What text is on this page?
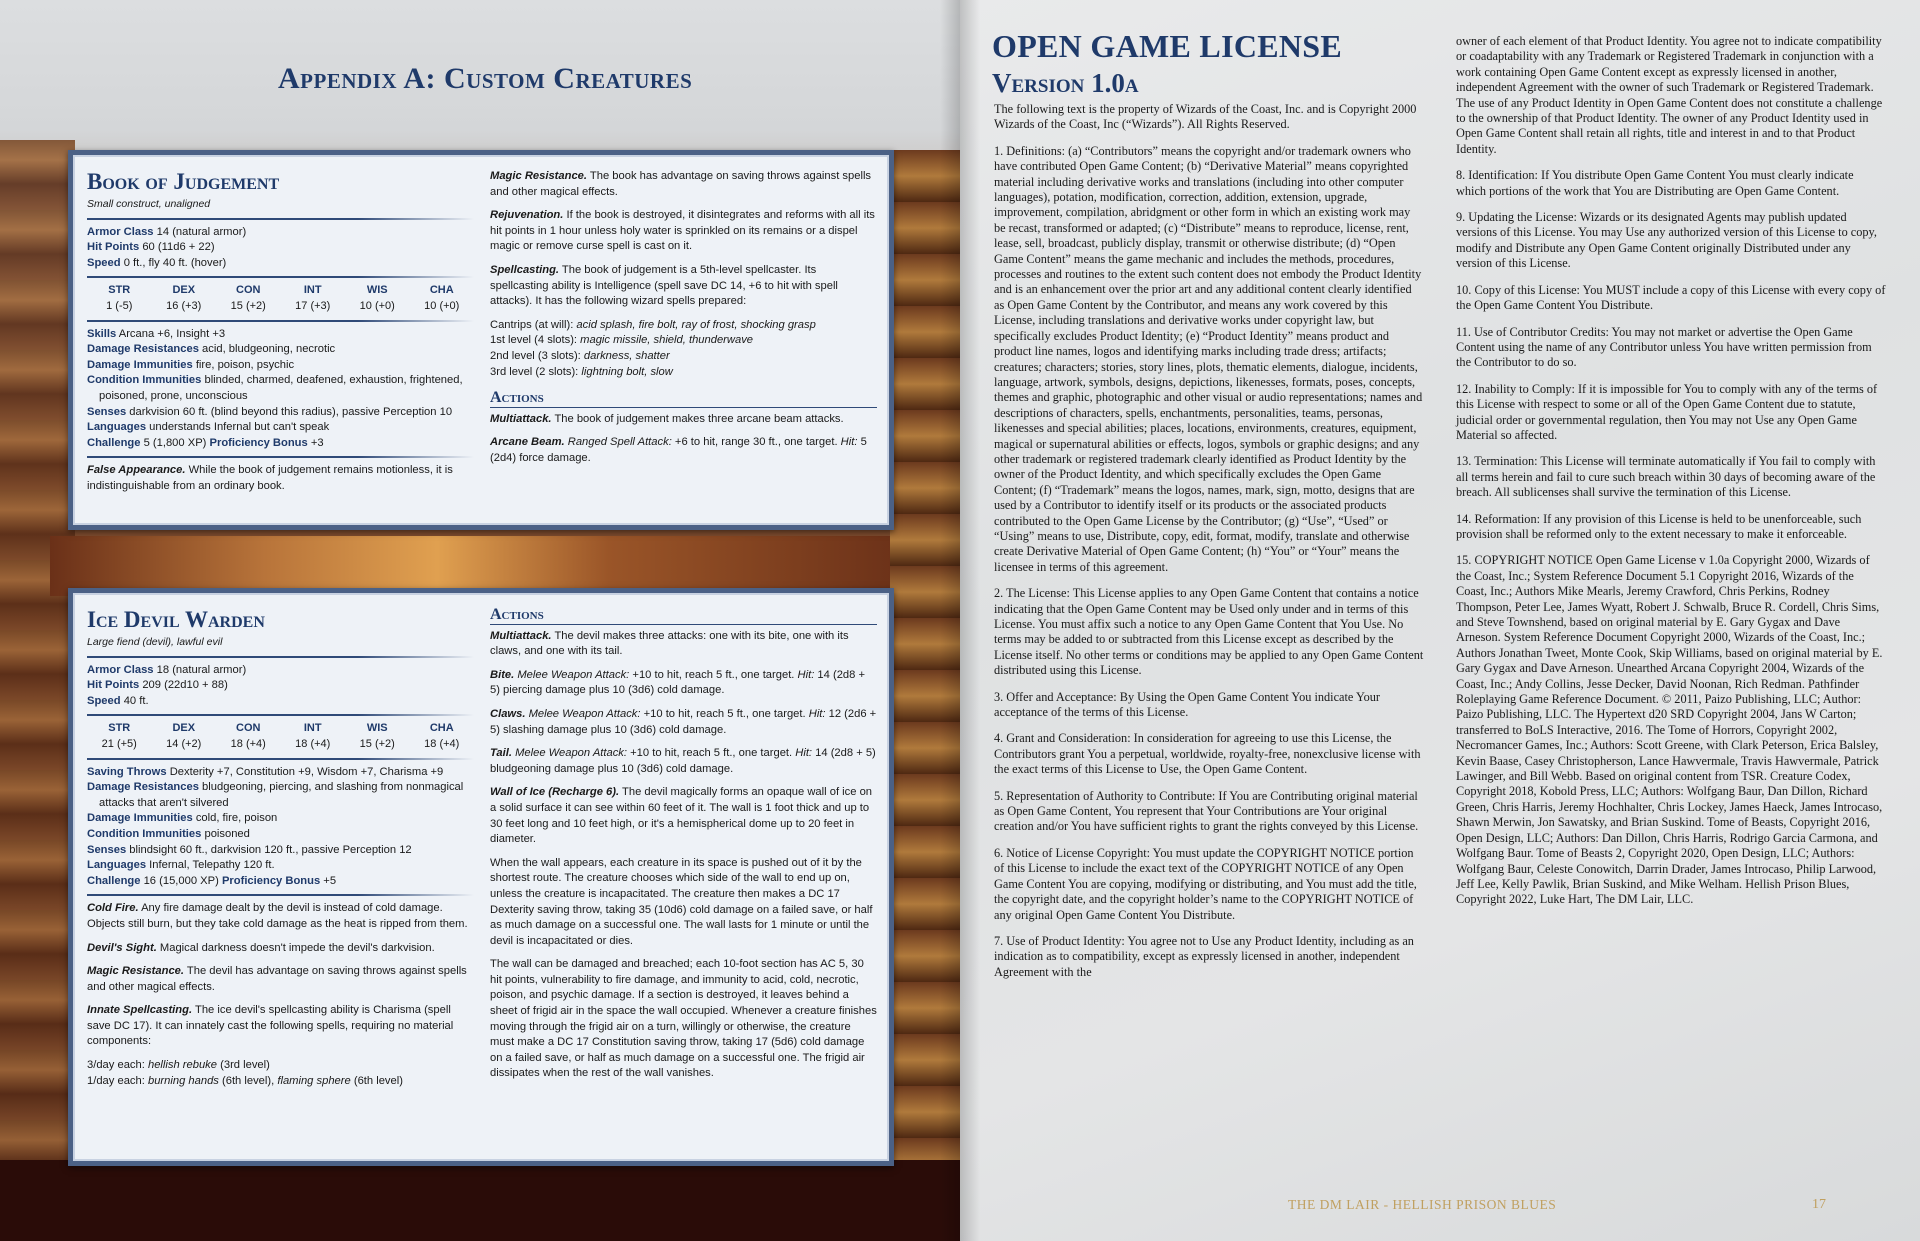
Appendix A: Custom Creatures
Book of Judgement

Small construct, unaligned

Armor Class 14 (natural armor)

Hit Points 60 (11d6 + 22)

Speed 0 ft., fly 40 ft. (hover)

STR
1 (-5)
DEX
16 (+3)
CON
15 (+2)
INT
17 (+3)
WIS
10 (+0)
CHA
10 (+0)

Skills Arcana +6, Insight +3

Damage Resistances acid, bludgeoning, necrotic

Damage Immunities fire, poison, psychic

Condition Immunities blinded, charmed, deafened, exhaustion, frightened, poisoned, prone, unconscious

Senses darkvision 60 ft. (blind beyond this radius), passive Perception 10

Languages understands Infernal but can't speak

Challenge 5 (1,800 XP) Proficiency Bonus +3

False Appearance. While the book of judgement remains motionless, it is indistinguishable from an ordinary book.

Magic Resistance. The book has advantage on saving throws against spells and other magical effects.

Rejuvenation. If the book is destroyed, it disintegrates and reforms with all its hit points in 1 hour unless holy water is sprinkled on its remains or a dispel magic or remove curse spell is cast on it.

Spellcasting. The book of judgement is a 5th-level spellcaster. Its spellcasting ability is Intelligence (spell save DC 14, +6 to hit with spell attacks). It has the following wizard spells prepared:

Cantrips (at will): acid splash, fire bolt, ray of frost, shocking grasp

1st level (4 slots): magic missile, shield, thunderwave

2nd level (3 slots): darkness, shatter

3rd level (2 slots): lightning bolt, slow

Actions

Multiattack. The book of judgement makes three arcane beam attacks.

Arcane Beam. Ranged Spell Attack: +6 to hit, range 30 ft., one target. Hit: 5 (2d4) force damage.

Ice Devil Warden

Large fiend (devil), lawful evil

Armor Class 18 (natural armor)

Hit Points 209 (22d10 + 88)

Speed 40 ft.

STR
21 (+5)
DEX
14 (+2)
CON
18 (+4)
INT
18 (+4)
WIS
15 (+2)
CHA
18 (+4)

Saving Throws Dexterity +7, Constitution +9, Wisdom +7, Charisma +9

Damage Resistances bludgeoning, piercing, and slashing from nonmagical attacks that aren't silvered

Damage Immunities cold, fire, poison

Condition Immunities poisoned

Senses blindsight 60 ft., darkvision 120 ft., passive Perception 12

Languages Infernal, Telepathy 120 ft.

Challenge 16 (15,000 XP) Proficiency Bonus +5

Cold Fire. Any fire damage dealt by the devil is instead of cold damage. Objects still burn, but they take cold damage as the heat is ripped from them.

Devil's Sight. Magical darkness doesn't impede the devil's darkvision.

Magic Resistance. The devil has advantage on saving throws against spells and other magical effects.

Innate Spellcasting. The ice devil's spellcasting ability is Charisma (spell save DC 17). It can innately cast the following spells, requiring no material components:

3/day each: hellish rebuke (3rd level)

1/day each: burning hands (6th level), flaming sphere (6th level)

Actions

Multiattack. The devil makes three attacks: one with its bite, one with its claws, and one with its tail.

Bite. Melee Weapon Attack: +10 to hit, reach 5 ft., one target. Hit: 14 (2d8 + 5) piercing damage plus 10 (3d6) cold damage.

Claws. Melee Weapon Attack: +10 to hit, reach 5 ft., one target. Hit: 12 (2d6 + 5) slashing damage plus 10 (3d6) cold damage.

Tail. Melee Weapon Attack: +10 to hit, reach 5 ft., one target. Hit: 14 (2d8 + 5) bludgeoning damage plus 10 (3d6) cold damage.

Wall of Ice (Recharge 6). The devil magically forms an opaque wall of ice on a solid surface it can see within 60 feet of it. The wall is 1 foot thick and up to 30 feet long and 10 feet high, or it's a hemispherical dome up to 20 feet in diameter.

When the wall appears, each creature in its space is pushed out of it by the shortest route. The creature chooses which side of the wall to end up on, unless the creature is incapacitated. The creature then makes a DC 17 Dexterity saving throw, taking 35 (10d6) cold damage on a failed save, or half as much damage on a successful one. The wall lasts for 1 minute or until the devil is incapacitated or dies.

The wall can be damaged and breached; each 10-foot section has AC 5, 30 hit points, vulnerability to fire damage, and immunity to acid, cold, necrotic, poison, and psychic damage. If a section is destroyed, it leaves behind a sheet of frigid air in the space the wall occupied. Whenever a creature finishes moving through the frigid air on a turn, willingly or otherwise, the creature must make a DC 17 Constitution saving throw, taking 17 (5d6) cold damage on a failed save, or half as much damage on a successful one. The frigid air dissipates when the rest of the wall vanishes.

OPEN GAME LICENSE
Version 1.0a

The following text is the property of Wizards of the Coast, Inc. and is Copyright 2000 Wizards of the Coast, Inc (“Wizards”). All Rights Reserved.

1. Definitions: (a) “Contributors” means the copyright and/or trademark owners who have contributed Open Game Content; (b) “Derivative Material” means copyrighted material including derivative works and translations (including into other computer languages), potation, modification, correction, addition, extension, upgrade, improvement, compilation, abridgment or other form in which an existing work may be recast, transformed or adapted; (c) “Distribute” means to reproduce, license, rent, lease, sell, broadcast, publicly display, transmit or otherwise distribute; (d) “Open Game Content” means the game mechanic and includes the methods, procedures, processes and routines to the extent such content does not embody the Product Identity and is an enhancement over the prior art and any additional content clearly identified as Open Game Content by the Contributor, and means any work covered by this License, including translations and derivative works under copyright law, but specifically excludes Product Identity; (e) “Product Identity” means product and product line names, logos and identifying marks including trade dress; artifacts; creatures; characters; stories, story lines, plots, thematic elements, dialogue, incidents, language, artwork, symbols, designs, depictions, likenesses, formats, poses, concepts, themes and graphic, photographic and other visual or audio representations; names and descriptions of characters, spells, enchantments, personalities, teams, personas, likenesses and special abilities; places, locations, environments, creatures, equipment, magical or supernatural abilities or effects, logos, symbols or graphic designs; and any other trademark or registered trademark clearly identified as Product Identity by the owner of the Product Identity, and which specifically excludes the Open Game Content; (f) “Trademark” means the logos, names, mark, sign, motto, designs that are used by a Contributor to identify itself or its products or the associated products contributed to the Open Game License by the Contributor; (g) “Use”, “Used” or “Using” means to use, Distribute, copy, edit, format, modify, translate and otherwise create Derivative Material of Open Game Content; (h) “You” or “Your” means the licensee in terms of this agreement.

2. The License: This License applies to any Open Game Content that contains a notice indicating that the Open Game Content may be Used only under and in terms of this License. You must affix such a notice to any Open Game Content that You Use. No terms may be added to or subtracted from this License except as described by the License itself. No other terms or conditions may be applied to any Open Game Content distributed using this License.

3. Offer and Acceptance: By Using the Open Game Content You indicate Your acceptance of the terms of this License.

4. Grant and Consideration: In consideration for agreeing to use this License, the Contributors grant You a perpetual, worldwide, royalty-free, nonexclusive license with the exact terms of this License to Use, the Open Game Content.

5. Representation of Authority to Contribute: If You are Contributing original material as Open Game Content, You represent that Your Contributions are Your original creation and/or You have sufficient rights to grant the rights conveyed by this License.

6. Notice of License Copyright: You must update the COPYRIGHT NOTICE portion of this License to include the exact text of the COPYRIGHT NOTICE of any Open Game Content You are copying, modifying or distributing, and You must add the title, the copyright date, and the copyright holder’s name to the COPYRIGHT NOTICE of any original Open Game Content You Distribute.

7. Use of Product Identity: You agree not to Use any Product Identity, including as an indication as to compatibility, except as expressly licensed in another, independent Agreement with the

owner of each element of that Product Identity. You agree not to indicate compatibility or coadaptability with any Trademark or Registered Trademark in conjunction with a work containing Open Game Content except as expressly licensed in another, independent Agreement with the owner of such Trademark or Registered Trademark. The use of any Product Identity in Open Game Content does not constitute a challenge to the ownership of that Product Identity. The owner of any Product Identity used in Open Game Content shall retain all rights, title and interest in and to that Product Identity.

8. Identification: If You distribute Open Game Content You must clearly indicate which portions of the work that You are Distributing are Open Game Content.

9. Updating the License: Wizards or its designated Agents may publish updated versions of this License. You may Use any authorized version of this License to copy, modify and Distribute any Open Game Content originally Distributed under any version of this License.

10. Copy of this License: You MUST include a copy of this License with every copy of the Open Game Content You Distribute.

11. Use of Contributor Credits: You may not market or advertise the Open Game Content using the name of any Contributor unless You have written permission from the Contributor to do so.

12. Inability to Comply: If it is impossible for You to comply with any of the terms of this License with respect to some or all of the Open Game Content due to statute, judicial order or governmental regulation, then You may not Use any Open Game Material so affected.

13. Termination: This License will terminate automatically if You fail to comply with all terms herein and fail to cure such breach within 30 days of becoming aware of the breach. All sublicenses shall survive the termination of this License.

14. Reformation: If any provision of this License is held to be unenforceable, such provision shall be reformed only to the extent necessary to make it enforceable.

15. COPYRIGHT NOTICE Open Game License v 1.0a Copyright 2000, Wizards of the Coast, Inc.; System Reference Document 5.1 Copyright 2016, Wizards of the Coast, Inc.; Authors Mike Mearls, Jeremy Crawford, Chris Perkins, Rodney Thompson, Peter Lee, James Wyatt, Robert J. Schwalb, Bruce R. Cordell, Chris Sims, and Steve Townshend, based on original material by E. Gary Gygax and Dave Arneson. System Reference Document Copyright 2000, Wizards of the Coast, Inc.; Authors Jonathan Tweet, Monte Cook, Skip Williams, based on original material by E. Gary Gygax and Dave Arneson. Unearthed Arcana Copyright 2004, Wizards of the Coast, Inc.; Andy Collins, Jesse Decker, David Noonan, Rich Redman. Pathfinder Roleplaying Game Reference Document. © 2011, Paizo Publishing, LLC; Author: Paizo Publishing, LLC. The Hypertext d20 SRD Copyright 2004, Jans W Carton; transferred to BoLS Interactive, 2016. The Tome of Horrors, Copyright 2002, Necromancer Games, Inc.; Authors: Scott Greene, with Clark Peterson, Erica Balsley, Kevin Baase, Casey Christopherson, Lance Hawvermale, Travis Hawvermale, Patrick Lawinger, and Bill Webb. Based on original content from TSR. Creature Codex, Copyright 2018, Kobold Press, LLC; Authors: Wolfgang Baur, Dan Dillon, Richard Green, Chris Harris, Jeremy Hochhalter, Chris Lockey, James Haeck, James Introcaso, Shawn Merwin, Jon Sawatsky, and Brian Suskind. Tome of Beasts, Copyright 2016, Open Design, LLC; Authors: Dan Dillon, Chris Harris, Rodrigo Garcia Carmona, and Wolfgang Baur. Tome of Beasts 2, Copyright 2020, Open Design, LLC; Authors: Wolfgang Baur, Celeste Conowitch, Darrin Drader, James Introcaso, Philip Larwood, Jeff Lee, Kelly Pawlik, Brian Suskind, and Mike Welham. Hellish Prison Blues, Copyright 2022, Luke Hart, The DM Lair, LLC.

THE DM LAIR - HELLISH PRISON BLUES	17
